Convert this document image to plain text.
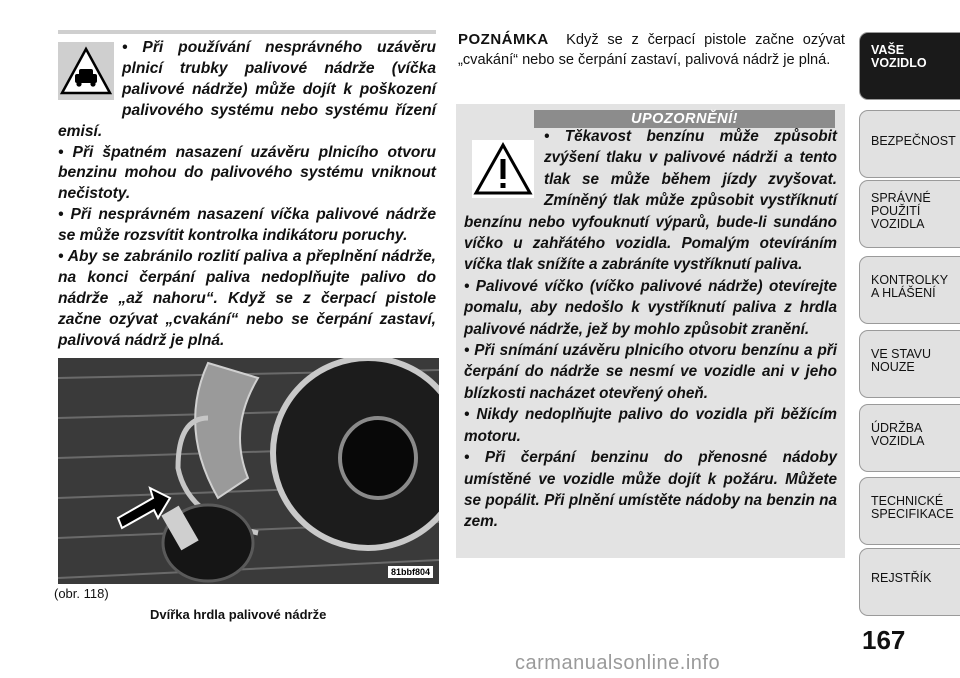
• Při používání nesprávného uzávěru plnicí trubky palivové nádrže (víčka palivové nádrže) může dojít k poškození palivového systému nebo systému řízení emisí.

• Při špatném nasazení uzávěru plnicího otvoru benzinu mohou do palivového systému vniknout nečistoty.

• Při nesprávném nasazení víčka palivové nádrže se může rozsvítit kontrolka indikátoru poruchy.

• Aby se zabránilo rozlití paliva a přeplnění nádrže, na konci čerpání paliva nedoplňujte palivo do nádrže „až nahoru“. Když se z čerpací pistole začne ozývat „cvakání“ nebo se čerpání zastaví, palivová nádrž je plná.

81bbf804
(obr. 118)
Dvířka hrdla palivové nádrže
POZNÁMKA Když se z čerpací pistole začne ozývat „cvakání“ nebo se čerpání zastaví, palivová nádrž je plná.
UPOZORNĚNÍ!

• Těkavost benzínu může způsobit zvýšení tlaku v palivové nádrži a tento tlak se může během jízdy zvyšovat. Zmíněný tlak může způsobit vystříknutí benzínu nebo vyfouknutí výparů, bude-li sundáno víčko u zahřátého vozidla. Pomalým otevíráním víčka tlak snížíte a zabráníte vystříknutí paliva.

• Palivové víčko (víčko palivové nádrže) otevírejte pomalu, aby nedošlo k vystříknutí paliva z hrdla palivové nádrže, jež by mohlo způsobit zranění.

• Při snímání uzávěru plnicího otvoru benzínu a při čerpání do nádrže se nesmí ve vozidle ani v jeho blízkosti nacházet otevřený oheň.

• Nikdy nedoplňujte palivo do vozidla při běžícím motoru.

• Při čerpání benzinu do přenosné nádoby umístěné ve vozidle může dojít k požáru. Můžete se popálit. Při plnění umístěte nádoby na benzin na zem.

VAŠE
VOZIDLO
BEZPEČNOST
SPRÁVNÉ
POUŽITÍ
VOZIDLA
KONTROLKY
A HLÁŠENÍ
VE STAVU
NOUZE
ÚDRŽBA
VOZIDLA
TECHNICKÉ
SPECIFIKACE
REJSTŘÍK
167
carmanualsonline.info
